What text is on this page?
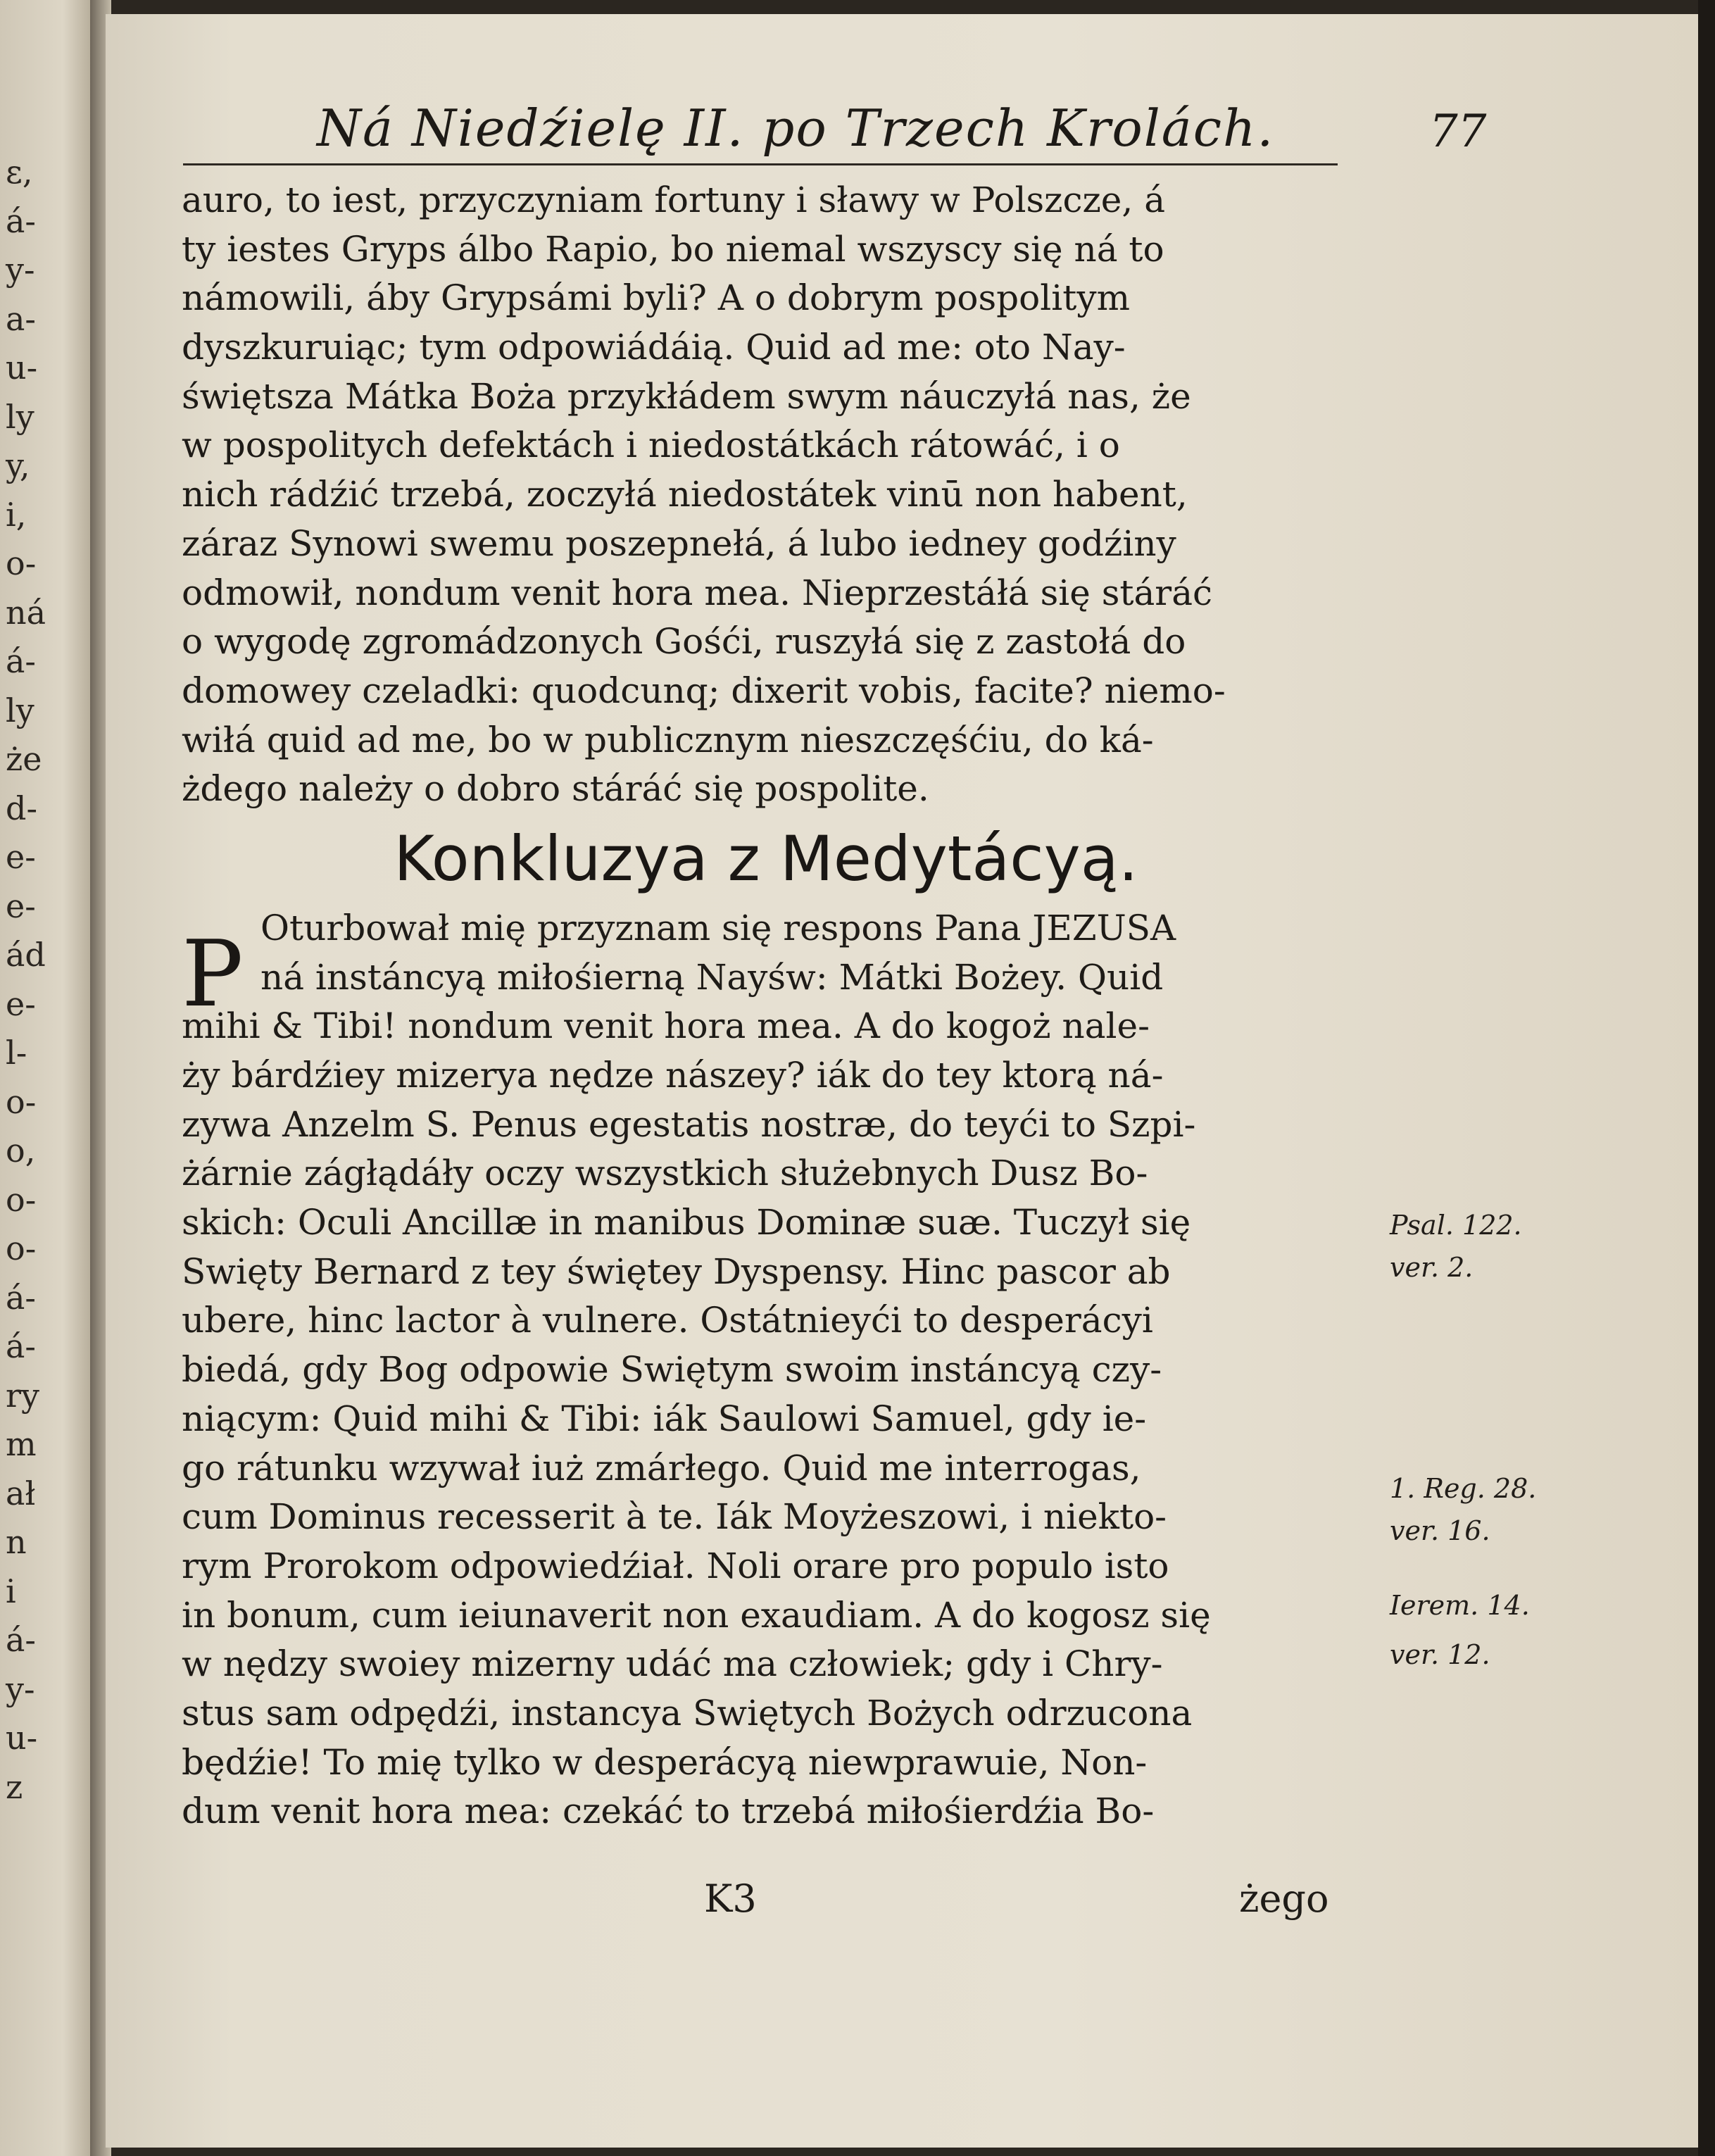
ε,
á-
y-
a-
u-
ly
y,
i,
o-
ná
á-
ly
że
d-
e-
e-
ád
e-
l-
o-
ο,
o-
o-
á-
á-
ry
m
ał
n
i
á-
y-
u-
z
Ná Niedźielę II. po Trzech Krolách.	77
auro, to iest, przyczyniam fortuny i sławy w Polszcze, á
ty iestes Gryps álbo Rapio, bo niemal wszyscy się ná to
námowili, áby Grypsámi byli? A o dobrym pospolitym
dyszkuruiąc; tym odpowiádáią. Quid ad me: oto Nay-
świętsza Mátka Boża przykłádem swym náuczyłá nas, że
w pospolitych defektách i niedostátkách rátowáć, i o
nich rádźić trzebá, zoczyłá niedostátek vinū non habent,
záraz Synowi swemu poszepnełá, á lubo iedney godźiny
odmowił, nondum venit hora mea. Nieprzestáłá się stáráć
o wygodę zgromádzonych Gośći, ruszyłá się z zastołá do
domowey czeladki: quodcunq; dixerit vobis, facite? niemo-
wiłá quid ad me, bo w publicznym nieszczęśćiu, do ká-
żdego należy o dobro stáráć się pospolite.
Konkluzya z Medytácyą.
Oturbował mię przyznam się respons Pana JEZUSA
ná instáncyą miłośierną Nayśw: Mátki Bożey. Quid
mihi & Tibi! nondum venit hora mea. A do kogoż nale-
ży bárdźiey mizerya nędze nászey? iák do tey ktorą ná-
zywa Anzelm S. Penus egestatis nostræ, do teyći to Szpi-
żárnie zágłądáły oczy wszystkich służebnych Dusz Bo-
skich: Oculi Ancillæ in manibus Dominæ suæ. Tuczył się
Swięty Bernard z tey świętey Dyspensy. Hinc pascor ab
ubere, hinc lactor à vulnere. Ostátnieyći to desperácyi
biedá, gdy Bog odpowie Swiętym swoim instáncyą czy-
niącym: Quid mihi & Tibi: iák Saulowi Samuel, gdy ie-
go rátunku wzywał iuż zmárłego. Quid me interrogas,
cum Dominus recesserit à te. Iák Moyżeszowi, i niekto-
rym Prorokom odpowiedźiał. Noli orare pro populo isto
in bonum, cum ieiunaverit non exaudiam. A do kogosz się
w nędzy swoiey mizerny udáć ma człowiek; gdy i Chry-
stus sam odpędźi, instancya Swiętych Bożych odrzucona
będźie! To mię tylko w desperácyą niewprawuie, Non-
dum venit hora mea: czekáć to trzebá miłośierdźia Bo-
P
Psal. 122.
ver. 2.
1. Reg. 28.
ver. 16.
Ierem. 14.
ver. 12.
K3	żego
